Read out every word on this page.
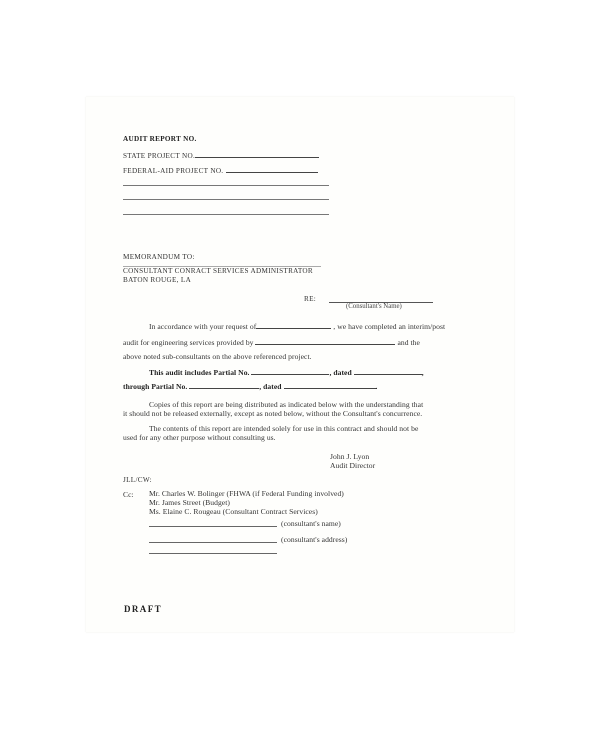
AUDIT REPORT NO.
STATE PROJECT NO.
FEDERAL-AID PROJECT NO.
MEMORANDUM TO:
CONSULTANT CONRACT SERVICES ADMINISTRATOR
BATON ROUGE, LA
RE:
(Consultant's Name)
In accordance with your request of	, we have completed an interim/post
audit for engineering services provided by	and the
above noted sub-consultants on the above referenced project.
This audit includes Partial No.	, dated	,
through Partial No.	, dated	.
Copies of this report are being distributed as indicated below with the understanding that
it should not be released externally, except as noted below, without the Consultant's concurrence.
The contents of this report are intended solely for use in this contract and should not be
used for any other purpose without consulting us.
John J. Lyon
Audit Director
JLL/CW:
Cc: Mr. Charles W. Bolinger (FHWA (if Federal Funding involved)
Mr. James Street (Budget)
Ms. Elaine C. Rougeau (Consultant Contract Services)
(consultant's name)
(consultant's address)
DRAFT
